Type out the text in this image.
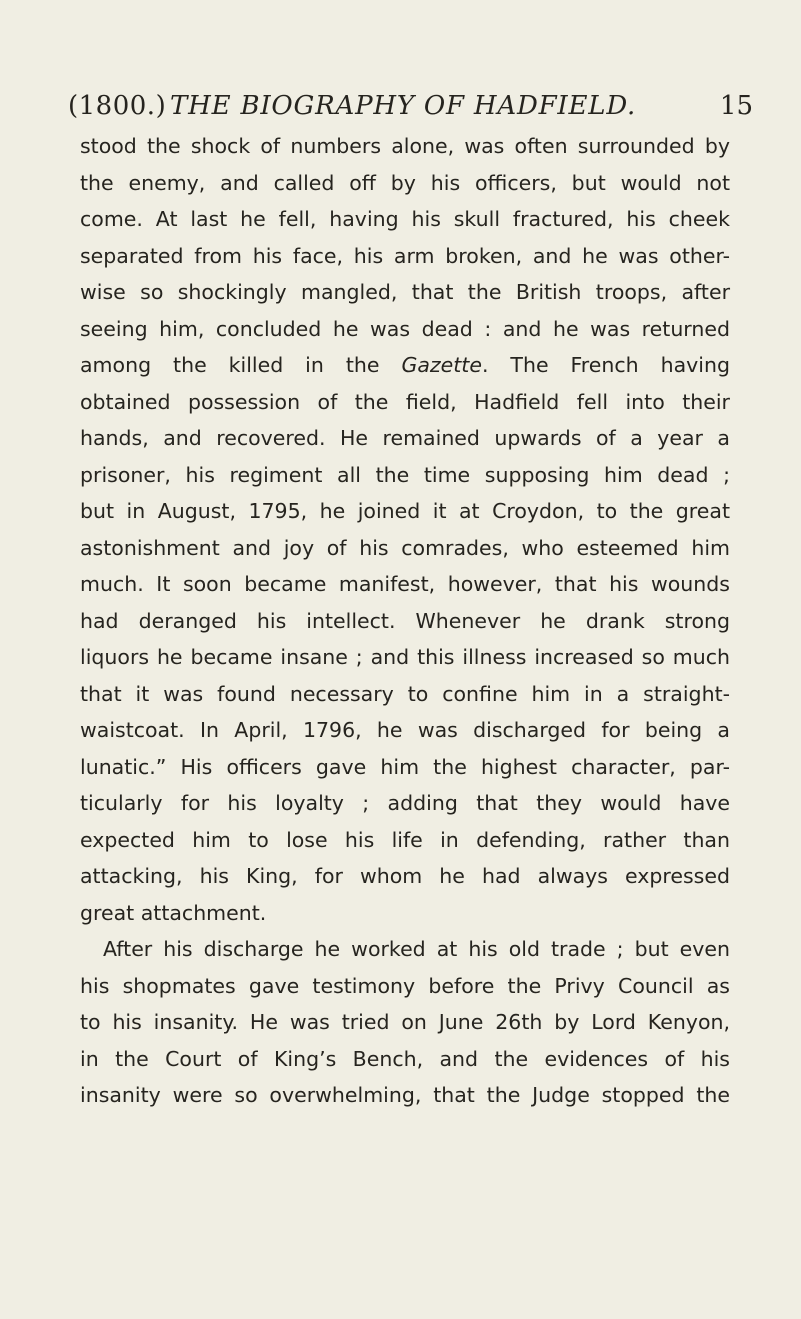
(1800.) THE BIOGRAPHY OF HADFIELD.	15
stood the shock of numbers alone, was often surrounded by
the enemy, and called off by his officers, but would not
come. At last he fell, having his skull fractured, his cheek
separated from his face, his arm broken, and he was other-
wise so shockingly mangled, that the British troops, after
seeing him, concluded he was dead : and he was returned
among the killed in the Gazette. The French having
obtained possession of the field, Hadfield fell into their
hands, and recovered. He remained upwards of a year a
prisoner, his regiment all the time supposing him dead ;
but in August, 1795, he joined it at Croydon, to the great
astonishment and joy of his comrades, who esteemed him
much. It soon became manifest, however, that his wounds
had deranged his intellect. Whenever he drank strong
liquors he became insane ; and this illness increased so much
that it was found necessary to confine him in a straight-
waistcoat. In April, 1796, he was discharged for being a
lunatic.” His officers gave him the highest character, par-
ticularly for his loyalty ; adding that they would have
expected him to lose his life in defending, rather than
attacking, his King, for whom he had always expressed
great attachment.
After his discharge he worked at his old trade ; but even
his shopmates gave testimony before the Privy Council as
to his insanity. He was tried on June 26th by Lord Kenyon,
in the Court of King’s Bench, and the evidences of his
insanity were so overwhelming, that the Judge stopped the
